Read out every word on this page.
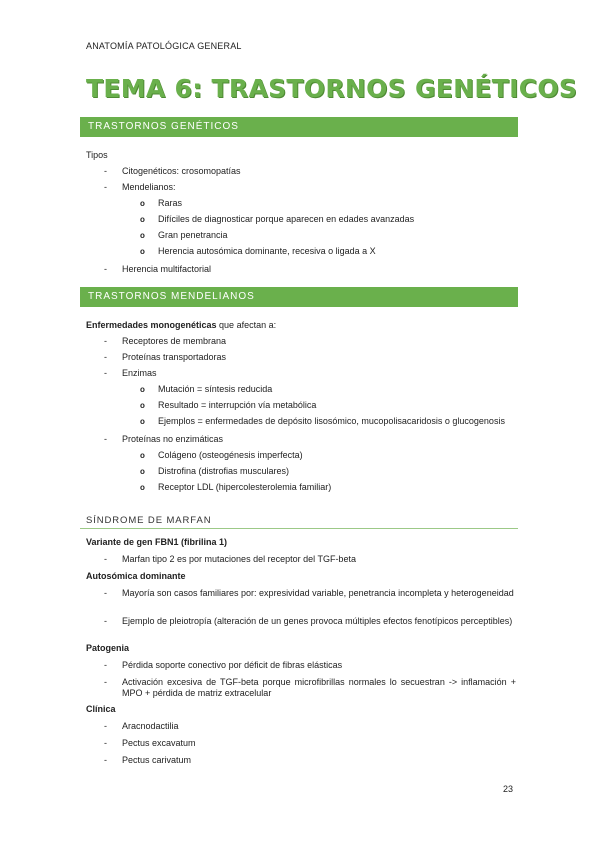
ANATOMÍA PATOLÓGICA GENERAL
TEMA 6: TRASTORNOS GENÉTICOS
TRASTORNOS GENÉTICOS
Tipos
- Citogenéticos: crosomopatías
- Mendelianos:
o Raras
o Difíciles de diagnosticar porque aparecen en edades avanzadas
o Gran penetrancia
o Herencia autosómica dominante, recesiva o ligada a X
- Herencia multifactorial
TRASTORNOS MENDELIANOS
Enfermedades monogenéticas que afectan a:
- Receptores de membrana
- Proteínas transportadoras
- Enzimas
o Mutación = síntesis reducida
o Resultado = interrupción vía metabólica
o Ejemplos = enfermedades de depósito lisosómico, mucopolisacaridosis o glucogenosis
- Proteínas no enzimáticas
o Colágeno (osteogénesis imperfecta)
o Distrofina (distrofias musculares)
o Receptor LDL (hipercolesterolemia familiar)
SÍNDROME DE MARFAN
Variante de gen FBN1 (fibrilina 1)
- Marfan tipo 2 es por mutaciones del receptor del TGF-beta
Autosómica dominante
- Mayoría son casos familiares por: expresividad variable, penetrancia incompleta y heterogeneidad
- Ejemplo de pleiotropía (alteración de un genes provoca múltiples efectos fenotípicos perceptibles)
Patogenia
- Pérdida soporte conectivo por déficit de fibras elásticas
- Activación excesiva de TGF-beta porque microfibrillas normales lo secuestran -> inflamación + MPO + pérdida de matriz extracelular
Clínica
- Aracnodactilia
- Pectus excavatum
- Pectus carivatum
23
